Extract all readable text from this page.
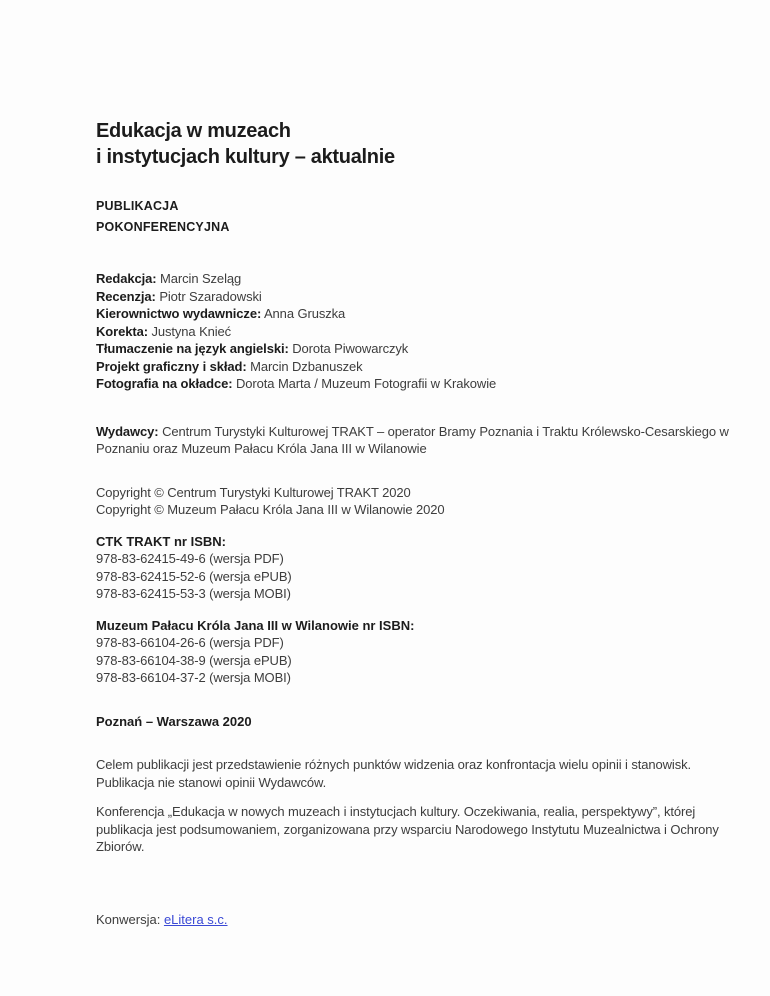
Edukacja w muzeach
i instytucjach kultury – aktualnie
PUBLIKACJA
POKONFERENCYJNA
Redakcja: Marcin Szeląg
Recenzja: Piotr Szaradowski
Kierownictwo wydawnicze: Anna Gruszka
Korekta: Justyna Knieć
Tłumaczenie na język angielski: Dorota Piwowarczyk
Projekt graficzny i skład: Marcin Dzbanuszek
Fotografia na okładce: Dorota Marta / Muzeum Fotografii w Krakowie
Wydawcy: Centrum Turystyki Kulturowej TRAKT – operator Bramy Poznania i Traktu Królewsko-Cesarskiego w Poznaniu oraz Muzeum Pałacu Króla Jana III w Wilanowie
Copyright © Centrum Turystyki Kulturowej TRAKT 2020
Copyright © Muzeum Pałacu Króla Jana III w Wilanowie 2020
CTK TRAKT nr ISBN:
978-83-62415-49-6 (wersja PDF)
978-83-62415-52-6 (wersja ePUB)
978-83-62415-53-3 (wersja MOBI)
Muzeum Pałacu Króla Jana III w Wilanowie nr ISBN:
978-83-66104-26-6 (wersja PDF)
978-83-66104-38-9 (wersja ePUB)
978-83-66104-37-2 (wersja MOBI)
Poznań – Warszawa 2020
Celem publikacji jest przedstawienie różnych punktów widzenia oraz konfrontacja wielu opinii i stanowisk. Publikacja nie stanowi opinii Wydawców.
Konferencja „Edukacja w nowych muzeach i instytucjach kultury. Oczekiwania, realia, perspektywy”, której publikacja jest podsumowaniem, zorganizowana przy wsparciu Narodowego Instytutu Muzealnictwa i Ochrony Zbiorów.
Konwersja: eLitera s.c.
